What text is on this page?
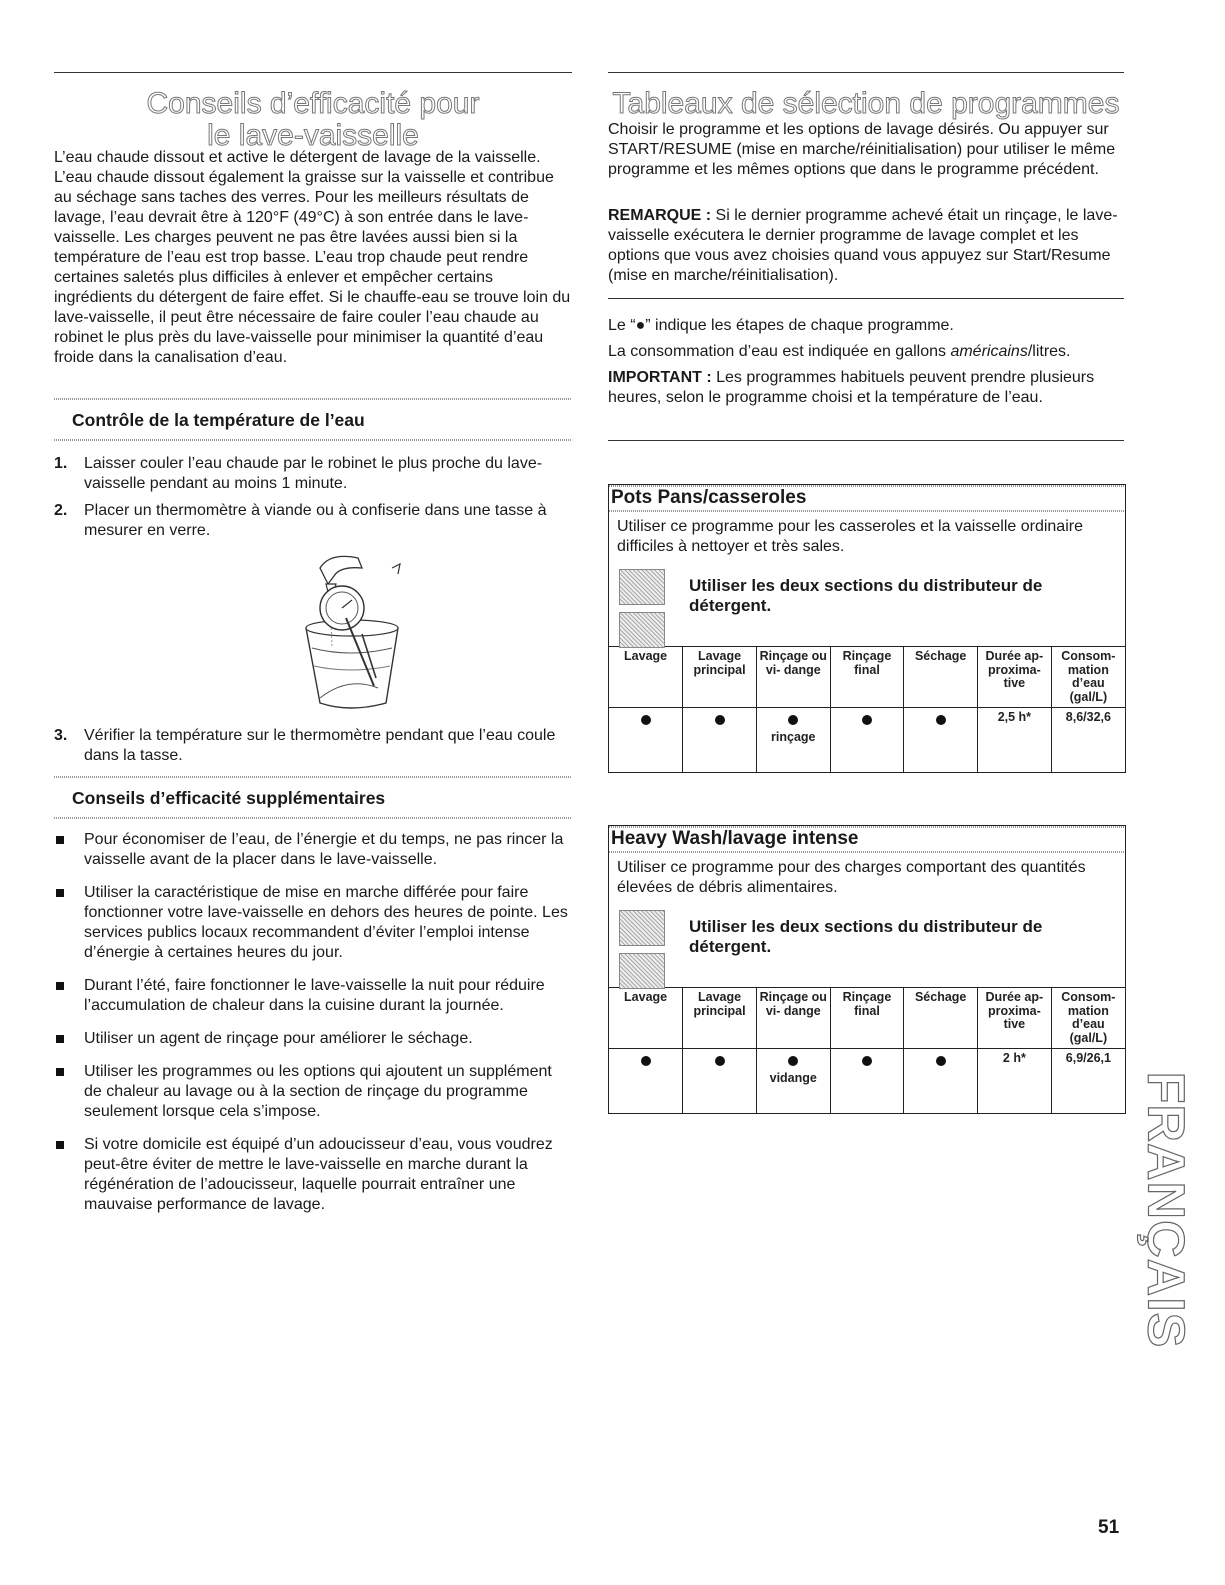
Conseils d’efficacité pour

le lave-vaisselle

L’eau chaude dissout et active le détergent de lavage de la vaisselle. L’eau chaude dissout également la graisse sur la vaisselle et contribue au séchage sans taches des verres. Pour les meilleurs résultats de lavage, l’eau devrait être à 120°F (49°C) à son entrée dans le lave-vaisselle. Les charges peuvent ne pas être lavées aussi bien si la température de l’eau est trop basse. L’eau trop chaude peut rendre certaines saletés plus difficiles à enlever et empêcher certains ingrédients du détergent de faire effet. Si le chauffe-eau se trouve loin du lave-vaisselle, il peut être nécessaire de faire couler l’eau chaude au robinet le plus près du lave-vaisselle pour minimiser la quantité d’eau froide dans la canalisation d’eau.

Contrôle de la température de l’eau
1. Laisser couler l’eau chaude par le robinet le plus proche du lave-vaisselle pendant au moins 1 minute.
2. Placer un thermomètre à viande ou à confiserie dans une tasse à mesurer en verre.
3. Vérifier la température sur le thermomètre pendant que l’eau coule dans la tasse.
Conseils d’efficacité supplémentaires
Pour économiser de l’eau, de l’énergie et du temps, ne pas rincer la vaisselle avant de la placer dans le lave-vaisselle.
Utiliser la caractéristique de mise en marche différée pour faire fonctionner votre lave-vaisselle en dehors des heures de pointe. Les services publics locaux recommandent d’éviter l’emploi intense d’énergie à certaines heures du jour.
Durant l’été, faire fonctionner le lave-vaisselle la nuit pour réduire l’accumulation de chaleur dans la cuisine durant la journée.
Utiliser un agent de rinçage pour améliorer le séchage.
Utiliser les programmes ou les options qui ajoutent un supplément de chaleur au lavage ou à la section de rinçage du programme seulement lorsque cela s’impose.
Si votre domicile est équipé d’un adoucisseur d’eau, vous voudrez peut-être éviter de mettre le lave-vaisselle en marche durant la régénération de l’adoucisseur, laquelle pourrait entraîner une mauvaise performance de lavage.

Tableaux de sélection de programmes

Choisir le programme et les options de lavage désirés. Ou appuyer sur START/RESUME (mise en marche/réinitialisation) pour utiliser le même programme et les mêmes options que dans le programme précédent.

REMARQUE : Si le dernier programme achevé était un rinçage, le lave-vaisselle exécutera le dernier programme de lavage complet et les options que vous avez choisies quand vous appuyez sur Start/Resume (mise en marche/réinitialisation).

Le “●” indique les étapes de chaque programme.

La consommation d’eau est indiquée en gallons américains/litres.

IMPORTANT : Les programmes habituels peuvent prendre plusieurs heures, selon le programme choisi et la température de l’eau.

Pots Pans/casseroles
Utiliser ce programme pour les casseroles et la vaisselle ordinaire difficiles à nettoyer et très sales.
Utiliser les deux sections du distributeur de détergent.
Lavage	Lavage principal	Rinçage ou vi- dange	Rinçage final	Séchage	Durée ap- proxima- tive	Consom- mation d’eau (gal/L)

		rinçage			2,5 h*	8,6/32,6
Heavy Wash/lavage intense
Utiliser ce programme pour des charges comportant des quantités élevées de débris alimentaires.
Utiliser les deux sections du distributeur de détergent.
Lavage	Lavage principal	Rinçage ou vi- dange	Rinçage final	Séchage	Durée ap- proxima- tive	Consom- mation d’eau (gal/L)

		vidange			2 h*	6,9/26,1
FRANÇAIS
51
